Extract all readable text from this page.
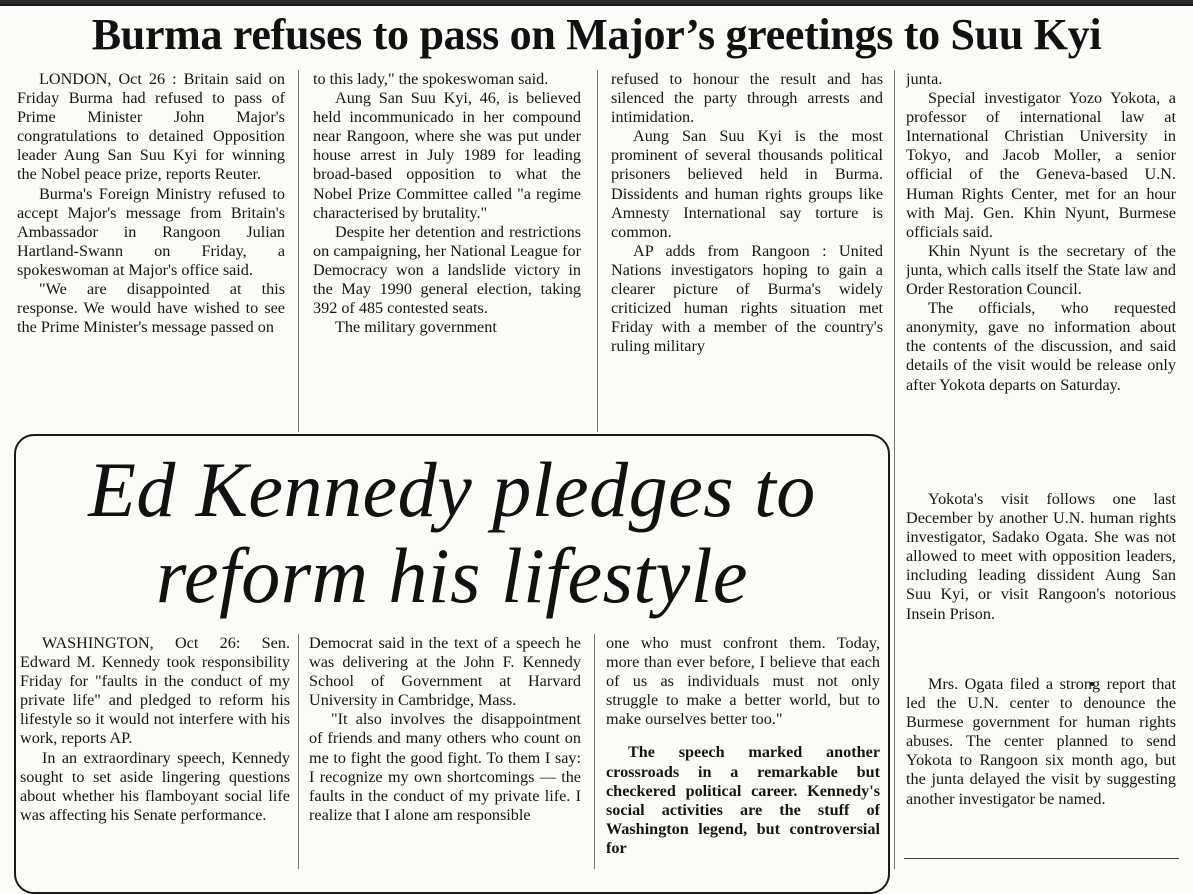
Burma refuses to pass on Major’s greetings to Suu Kyi

LONDON, Oct 26 : Britain said on Friday Burma had refused to pass of Prime Minister John Major's congratulations to detained Opposition leader Aung San Suu Kyi for winning the Nobel peace prize, reports Reuter.

Burma's Foreign Ministry refused to accept Major's message from Britain's Ambassador in Rangoon Julian Hartland-Swann on Friday, a spokeswoman at Major's office said.

"We are disappointed at this response. We would have wished to see the Prime Minister's message passed on

to this lady," the spokeswoman said.

Aung San Suu Kyi, 46, is believed held incommunicado in her compound near Rangoon, where she was put under house arrest in July 1989 for leading broad-based opposition to what the Nobel Prize Committee called "a regime characterised by brutality."

Despite her detention and restrictions on campaigning, her National League for Democracy won a landslide victory in the May 1990 general election, taking 392 of 485 contested seats.

The military government

refused to honour the result and has silenced the party through arrests and intimidation.

Aung San Suu Kyi is the most prominent of several thousands political prisoners believed held in Burma. Dissidents and human rights groups like Amnesty International say torture is common.

AP adds from Rangoon : United Nations investigators hoping to gain a clearer picture of Burma's widely criticized human rights situation met Friday with a member of the country's ruling military

junta.

Special investigator Yozo Yokota, a professor of international law at International Christian University in Tokyo, and Jacob Moller, a senior official of the Geneva-based U.N. Human Rights Center, met for an hour with Maj. Gen. Khin Nyunt, Burmese officials said.

Khin Nyunt is the secretary of the junta, which calls itself the State law and Order Restoration Council.

The officials, who requested anonymity, gave no information about the contents of the discussion, and said details of the visit would be release only after Yokota departs on Saturday.

Yokota's visit follows one last December by another U.N. human rights investigator, Sadako Ogata. She was not allowed to meet with opposition leaders, including leading dissident Aung San Suu Kyi, or visit Rangoon's notorious Insein Prison.

Mrs. Ogata filed a strong report that led the U.N. center to denounce the Burmese government for human rights abuses. The center planned to send Yokota to Rangoon six month ago, but the junta delayed the visit by suggesting another investigator be named.

Ed Kennedy pledges to
reform his lifestyle

WASHINGTON, Oct 26: Sen. Edward M. Kennedy took responsibility Friday for "faults in the conduct of my private life" and pledged to reform his lifestyle so it would not interfere with his work, reports AP.

In an extraordinary speech, Kennedy sought to set aside lingering questions about whether his flamboyant social life was affecting his Senate performance.

Democrat said in the text of a speech he was delivering at the John F. Kennedy School of Government at Harvard University in Cambridge, Mass.

"It also involves the disappointment of friends and many others who count on me to fight the good fight. To them I say: I recognize my own shortcomings — the faults in the conduct of my private life. I realize that I alone am responsible

one who must confront them. Today, more than ever before, I believe that each of us as individuals must not only struggle to make a better world, but to make ourselves better too."

The speech marked another crossroads in a remarkable but checkered political career. Kennedy's social activities are the stuff of Washington legend, but controversial for
